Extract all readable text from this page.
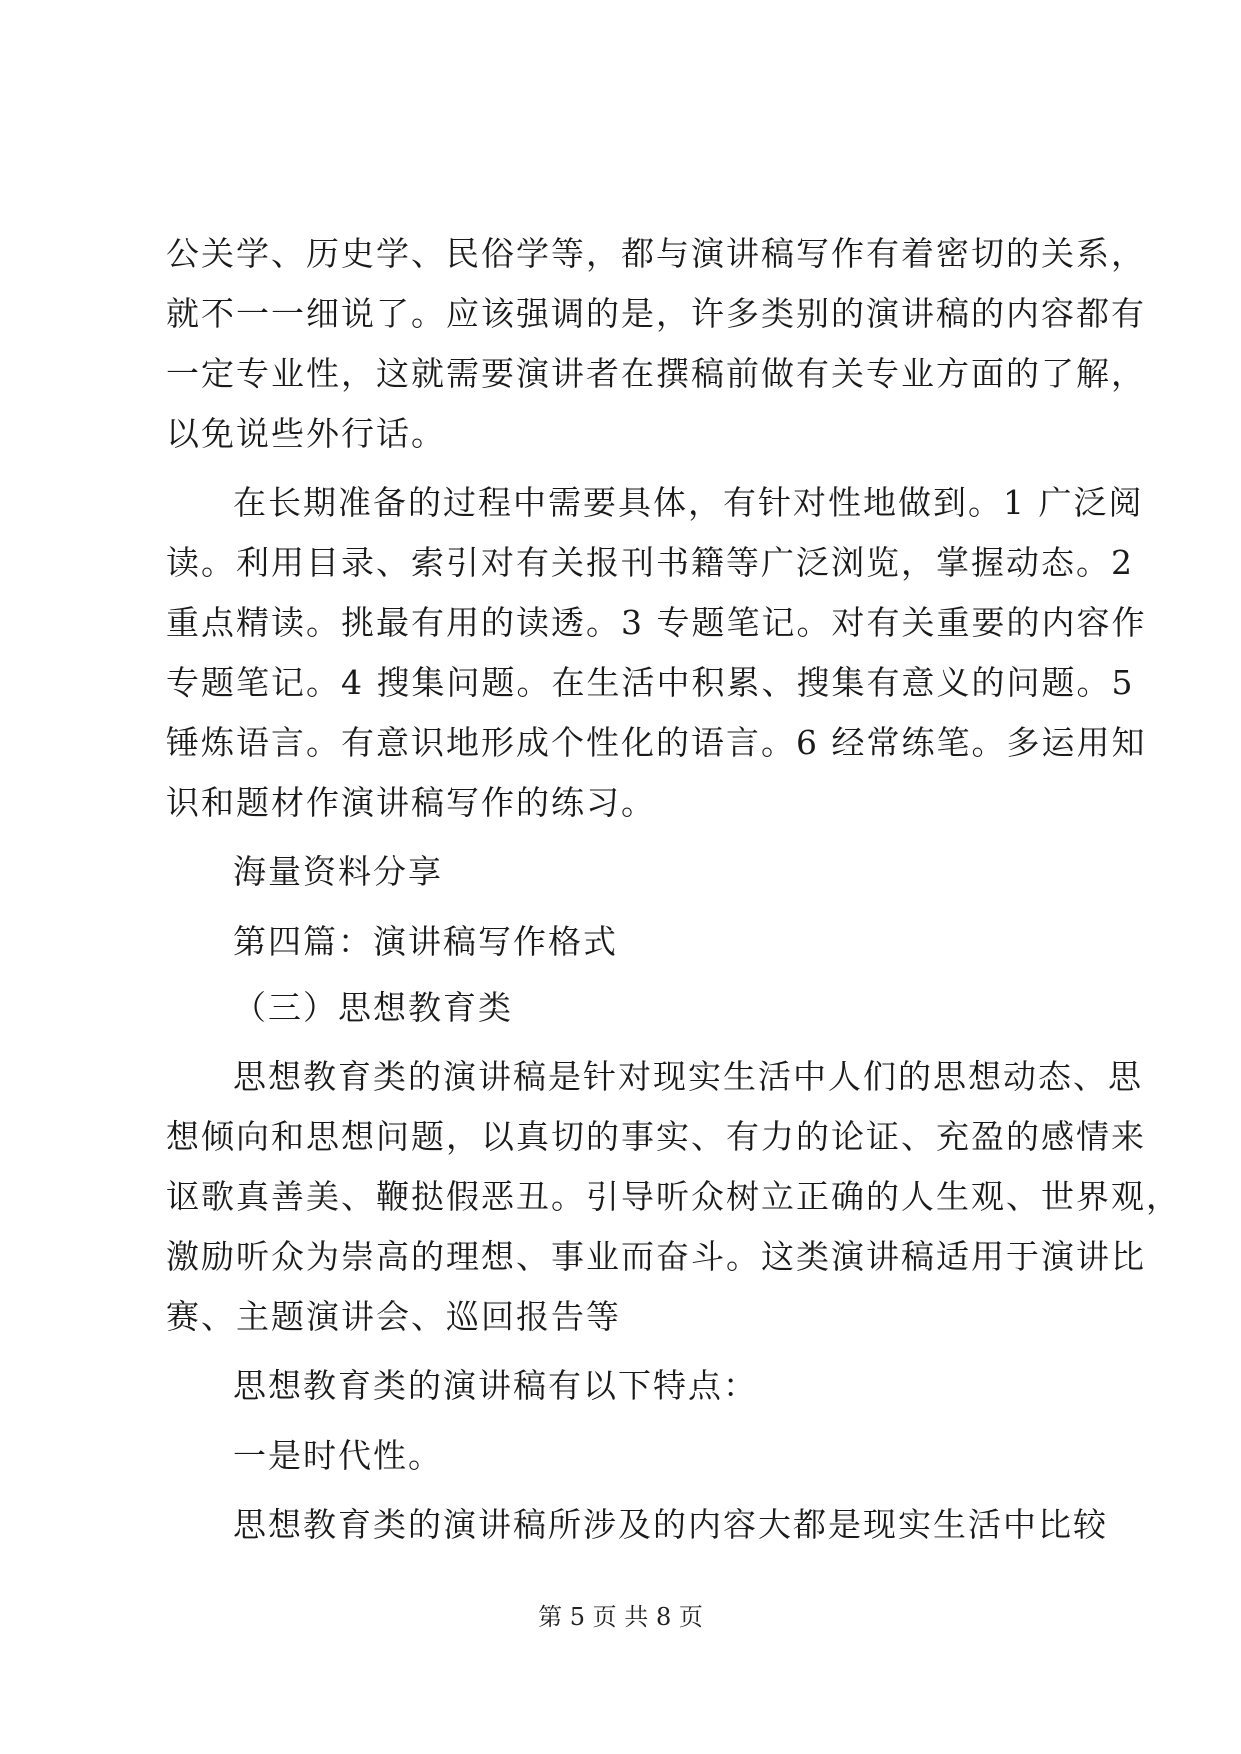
公关学、历史学、民俗学等，都与演讲稿写作有着密切的关系，
就不一一细说了。应该强调的是，许多类别的演讲稿的内容都有
一定专业性，这就需要演讲者在撰稿前做有关专业方面的了解，
以免说些外行话。
在长期准备的过程中需要具体，有针对性地做到。1 广泛阅
读。利用目录、索引对有关报刊书籍等广泛浏览，掌握动态。2
重点精读。挑最有用的读透。3 专题笔记。对有关重要的内容作
专题笔记。4 搜集问题。在生活中积累、搜集有意义的问题。5
锤炼语言。有意识地形成个性化的语言。6 经常练笔。多运用知
识和题材作演讲稿写作的练习。
海量资料分享
第四篇：演讲稿写作格式
（三）思想教育类
思想教育类的演讲稿是针对现实生活中人们的思想动态、思
想倾向和思想问题，以真切的事实、有力的论证、充盈的感情来
讴歌真善美、鞭挞假恶丑。引导听众树立正确的人生观、世界观，
激励听众为崇高的理想、事业而奋斗。这类演讲稿适用于演讲比
赛、主题演讲会、巡回报告等
思想教育类的演讲稿有以下特点：
一是时代性。
思想教育类的演讲稿所涉及的内容大都是现实生活中比较
第 5 页 共 8 页
